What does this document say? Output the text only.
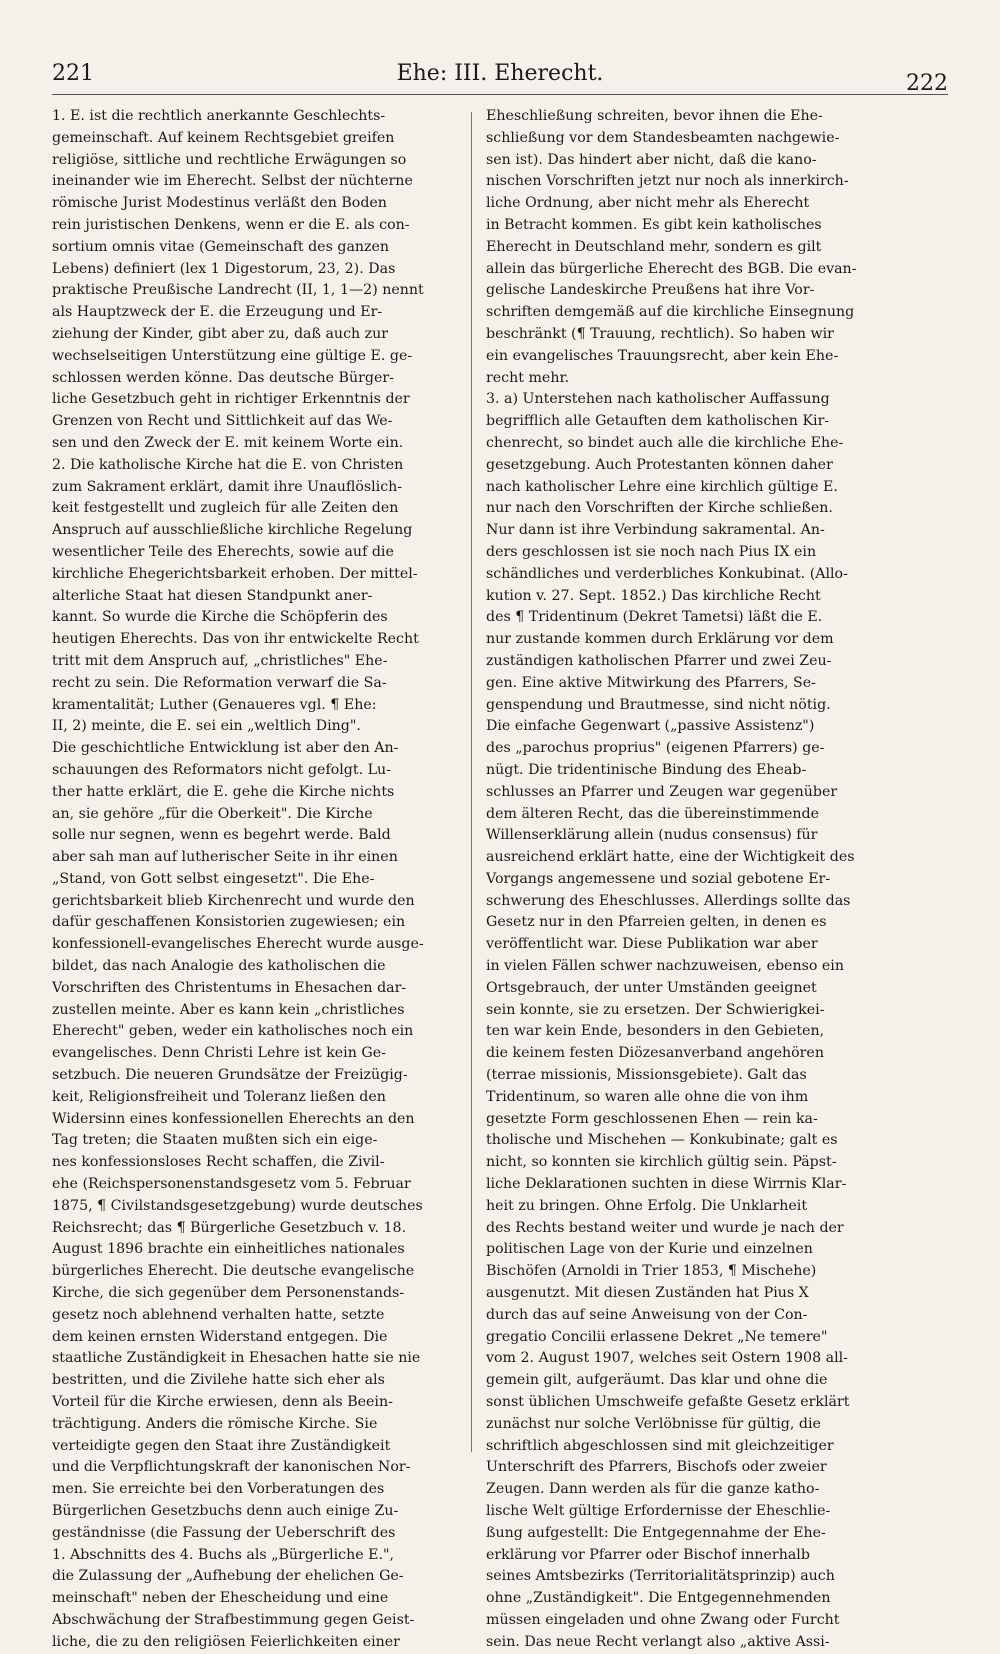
221	Ehe: III. Eherecht.	222
1. E. ist die rechtlich anerkannte Geschlechts-
gemeinschaft. Auf keinem Rechtsgebiet greifen
religiöse, sittliche und rechtliche Erwägungen so
ineinander wie im Eherecht. Selbst der nüchterne
römische Jurist Modestinus verläßt den Boden
rein juristischen Denkens, wenn er die E. als con-
sortium omnis vitae (Gemeinschaft des ganzen
Lebens) definiert (lex 1 Digestorum, 23, 2). Das
praktische Preußische Landrecht (II, 1, 1—2) nennt
als Hauptzweck der E. die Erzeugung und Er-
ziehung der Kinder, gibt aber zu, daß auch zur
wechselseitigen Unterstützung eine gültige E. ge-
schlossen werden könne. Das deutsche Bürger-
liche Gesetzbuch geht in richtiger Erkenntnis der
Grenzen von Recht und Sittlichkeit auf das We-
sen und den Zweck der E. mit keinem Worte ein.
2. Die katholische Kirche hat die E. von Christen
zum Sakrament erklärt, damit ihre Unauflöslich-
keit festgestellt und zugleich für alle Zeiten den
Anspruch auf ausschließliche kirchliche Regelung
wesentlicher Teile des Eherechts, sowie auf die
kirchliche Ehegerichtsbarkeit erhoben. Der mittel-
alterliche Staat hat diesen Standpunkt aner-
kannt. So wurde die Kirche die Schöpferin des
heutigen Eherechts. Das von ihr entwickelte Recht
tritt mit dem Anspruch auf, „christliches" Ehe-
recht zu sein. Die Reformation verwarf die Sa-
kramentalität; Luther (Genaueres vgl. ¶ Ehe:
II, 2) meinte, die E. sei ein „weltlich Ding".
Die geschichtliche Entwicklung ist aber den An-
schauungen des Reformators nicht gefolgt. Lu-
ther hatte erklärt, die E. gehe die Kirche nichts
an, sie gehöre „für die Oberkeit". Die Kirche
solle nur segnen, wenn es begehrt werde. Bald
aber sah man auf lutherischer Seite in ihr einen
„Stand, von Gott selbst eingesetzt". Die Ehe-
gerichtsbarkeit blieb Kirchenrecht und wurde den
dafür geschaffenen Konsistorien zugewiesen; ein
konfessionell-evangelisches Eherecht wurde ausge-
bildet, das nach Analogie des katholischen die
Vorschriften des Christentums in Ehesachen dar-
zustellen meinte. Aber es kann kein „christliches
Eherecht" geben, weder ein katholisches noch ein
evangelisches. Denn Christi Lehre ist kein Ge-
setzbuch. Die neueren Grundsätze der Freizügig-
keit, Religionsfreiheit und Toleranz ließen den
Widersinn eines konfessionellen Eherechts an den
Tag treten; die Staaten mußten sich ein eige-
nes konfessionsloses Recht schaffen, die Zivil-
ehe (Reichspersonenstandsgesetz vom 5. Februar
1875, ¶ Civilstandsgesetzgebung) wurde deutsches
Reichsrecht; das ¶ Bürgerliche Gesetzbuch v. 18.
August 1896 brachte ein einheitliches nationales
bürgerliches Eherecht. Die deutsche evangelische
Kirche, die sich gegenüber dem Personenstands-
gesetz noch ablehnend verhalten hatte, setzte
dem keinen ernsten Widerstand entgegen. Die
staatliche Zuständigkeit in Ehesachen hatte sie nie
bestritten, und die Zivilehe hatte sich eher als
Vorteil für die Kirche erwiesen, denn als Beein-
trächtigung. Anders die römische Kirche. Sie
verteidigte gegen den Staat ihre Zuständigkeit
und die Verpflichtungskraft der kanonischen Nor-
men. Sie erreichte bei den Vorberatungen des
Bürgerlichen Gesetzbuchs denn auch einige Zu-
geständnisse (die Fassung der Ueberschrift des
1. Abschnitts des 4. Buchs als „Bürgerliche E.",
die Zulassung der „Aufhebung der ehelichen Ge-
meinschaft" neben der Ehescheidung und eine
Abschwächung der Strafbestimmung gegen Geist-
liche, die zu den religiösen Feierlichkeiten einer
Eheschließung schreiten, bevor ihnen die Ehe-
schließung vor dem Standesbeamten nachgewie-
sen ist). Das hindert aber nicht, daß die kano-
nischen Vorschriften jetzt nur noch als innerkirch-
liche Ordnung, aber nicht mehr als Eherecht
in Betracht kommen. Es gibt kein katholisches
Eherecht in Deutschland mehr, sondern es gilt
allein das bürgerliche Eherecht des BGB. Die evan-
gelische Landeskirche Preußens hat ihre Vor-
schriften demgemäß auf die kirchliche Einsegnung
beschränkt (¶ Trauung, rechtlich). So haben wir
ein evangelisches Trauungsrecht, aber kein Ehe-
recht mehr.
3. a) Unterstehen nach katholischer Auffassung
begrifflich alle Getauften dem katholischen Kir-
chenrecht, so bindet auch alle die kirchliche Ehe-
gesetzgebung. Auch Protestanten können daher
nach katholischer Lehre eine kirchlich gültige E.
nur nach den Vorschriften der Kirche schließen.
Nur dann ist ihre Verbindung sakramental. An-
ders geschlossen ist sie noch nach Pius IX ein
schändliches und verderbliches Konkubinat. (Allo-
kution v. 27. Sept. 1852.) Das kirchliche Recht
des ¶ Tridentinum (Dekret Tametsi) läßt die E.
nur zustande kommen durch Erklärung vor dem
zuständigen katholischen Pfarrer und zwei Zeu-
gen. Eine aktive Mitwirkung des Pfarrers, Se-
genspendung und Brautmesse, sind nicht nötig.
Die einfache Gegenwart („passive Assistenz")
des „parochus proprius" (eigenen Pfarrers) ge-
nügt. Die tridentinische Bindung des Eheab-
schlusses an Pfarrer und Zeugen war gegenüber
dem älteren Recht, das die übereinstimmende
Willenserklärung allein (nudus consensus) für
ausreichend erklärt hatte, eine der Wichtigkeit des
Vorgangs angemessene und sozial gebotene Er-
schwerung des Eheschlusses. Allerdings sollte das
Gesetz nur in den Pfarreien gelten, in denen es
veröffentlicht war. Diese Publikation war aber
in vielen Fällen schwer nachzuweisen, ebenso ein
Ortsgebrauch, der unter Umständen geeignet
sein konnte, sie zu ersetzen. Der Schwierigkei-
ten war kein Ende, besonders in den Gebieten,
die keinem festen Diözesanverband angehören
(terrae missionis, Missionsgebiete). Galt das
Tridentinum, so waren alle ohne die von ihm
gesetzte Form geschlossenen Ehen — rein ka-
tholische und Mischehen — Konkubinate; galt es
nicht, so konnten sie kirchlich gültig sein. Päpst-
liche Deklarationen suchten in diese Wirrnis Klar-
heit zu bringen. Ohne Erfolg. Die Unklarheit
des Rechts bestand weiter und wurde je nach der
politischen Lage von der Kurie und einzelnen
Bischöfen (Arnoldi in Trier 1853, ¶ Mischehe)
ausgenutzt. Mit diesen Zuständen hat Pius X
durch das auf seine Anweisung von der Con-
gregatio Concilii erlassene Dekret „Ne temere"
vom 2. August 1907, welches seit Ostern 1908 all-
gemein gilt, aufgeräumt. Das klar und ohne die
sonst üblichen Umschweife gefaßte Gesetz erklärt
zunächst nur solche Verlöbnisse für gültig, die
schriftlich abgeschlossen sind mit gleichzeitiger
Unterschrift des Pfarrers, Bischofs oder zweier
Zeugen. Dann werden als für die ganze katho-
lische Welt gültige Erfordernisse der Eheschlie-
ßung aufgestellt: Die Entgegennahme der Ehe-
erklärung vor Pfarrer oder Bischof innerhalb
seines Amtsbezirks (Territorialitätsprinzip) auch
ohne „Zuständigkeit". Die Entgegennehmenden
müssen eingeladen und ohne Zwang oder Furcht
sein. Das neue Recht verlangt also „aktive Assi-
